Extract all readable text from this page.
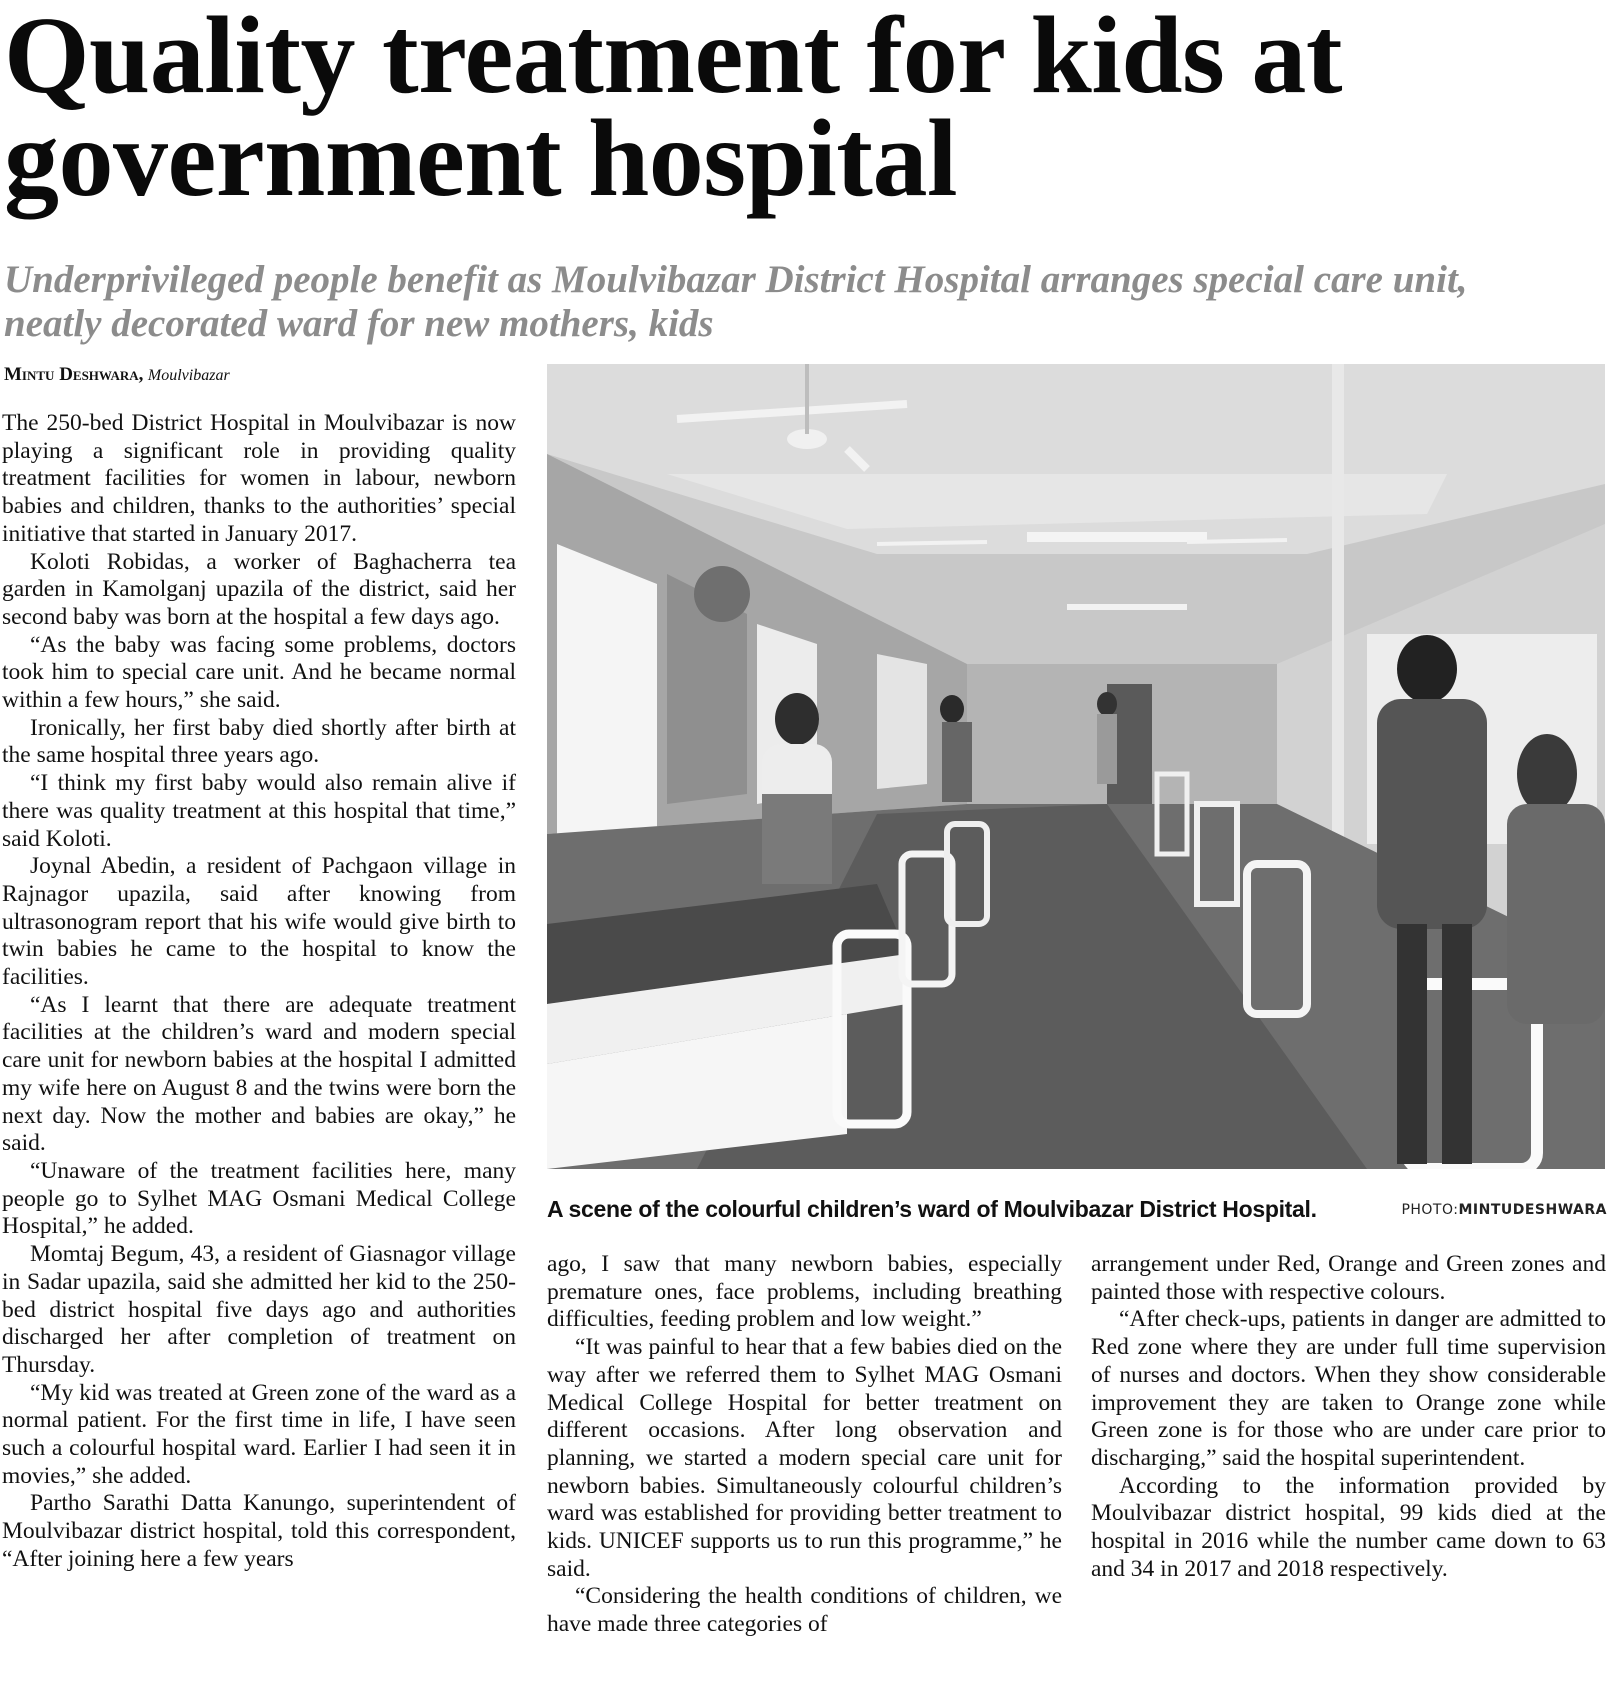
Quality treatment for kids at
government hospital
Underprivileged people benefit as Moulvibazar District Hospital arranges special care unit,
neatly decorated ward for new mothers, kids
Mintu Deshwara, Moulvibazar

The 250-bed District Hospital in Moulvibazar is now playing a significant role in providing quality treatment facilities for women in labour, newborn babies and children, thanks to the authorities’ special initiative that started in January 2017.

Koloti Robidas, a worker of Baghacherra tea garden in Kamolganj upazila of the district, said her second baby was born at the hospital a few days ago.

“As the baby was facing some problems, doctors took him to special care unit. And he became normal within a few hours,” she said.

Ironically, her first baby died shortly after birth at the same hospital three years ago.

“I think my first baby would also remain alive if there was quality treatment at this hospital that time,” said Koloti.

Joynal Abedin, a resident of Pachgaon village in Rajnagor upazila, said after knowing from ultrasonogram report that his wife would give birth to twin babies he came to the hospital to know the facilities.

“As I learnt that there are adequate treatment facilities at the children’s ward and modern special care unit for newborn babies at the hospital I admitted my wife here on August 8 and the twins were born the next day. Now the mother and babies are okay,” he said.

“Unaware of the treatment facilities here, many people go to Sylhet MAG Osmani Medical College Hospital,” he added.

Momtaj Begum, 43, a resident of Giasnagor village in Sadar upazila, said she admitted her kid to the 250-bed district hospital five days ago and authorities discharged her after completion of treatment on Thursday.

“My kid was treated at Green zone of the ward as a normal patient. For the first time in life, I have seen such a colourful hospital ward. Earlier I had seen it in movies,” she added.

Partho Sarathi Datta Kanungo, superintendent of Moulvibazar district hospital, told this correspondent, “After joining here a few years

A scene of the colourful children’s ward of Moulvibazar District Hospital.	PHOTO:MINTUDESHWARA

ago, I saw that many newborn babies, especially premature ones, face problems, including breathing difficulties, feeding problem and low weight.”

“It was painful to hear that a few babies died on the way after we referred them to Sylhet MAG Osmani Medical College Hospital for better treatment on different occasions. After long observation and planning, we started a modern special care unit for newborn babies. Simultaneously colourful children’s ward was established for providing better treatment to kids. UNICEF supports us to run this programme,” he said.

“Considering the health conditions of children, we have made three categories of

arrangement under Red, Orange and Green zones and painted those with respective colours.

“After check-ups, patients in danger are admitted to Red zone where they are under full time supervision of nurses and doctors. When they show considerable improvement they are taken to Orange zone while Green zone is for those who are under care prior to discharging,” said the hospital superintendent.

According to the information provided by Moulvibazar district hospital, 99 kids died at the hospital in 2016 while the number came down to 63 and 34 in 2017 and 2018 respectively.
